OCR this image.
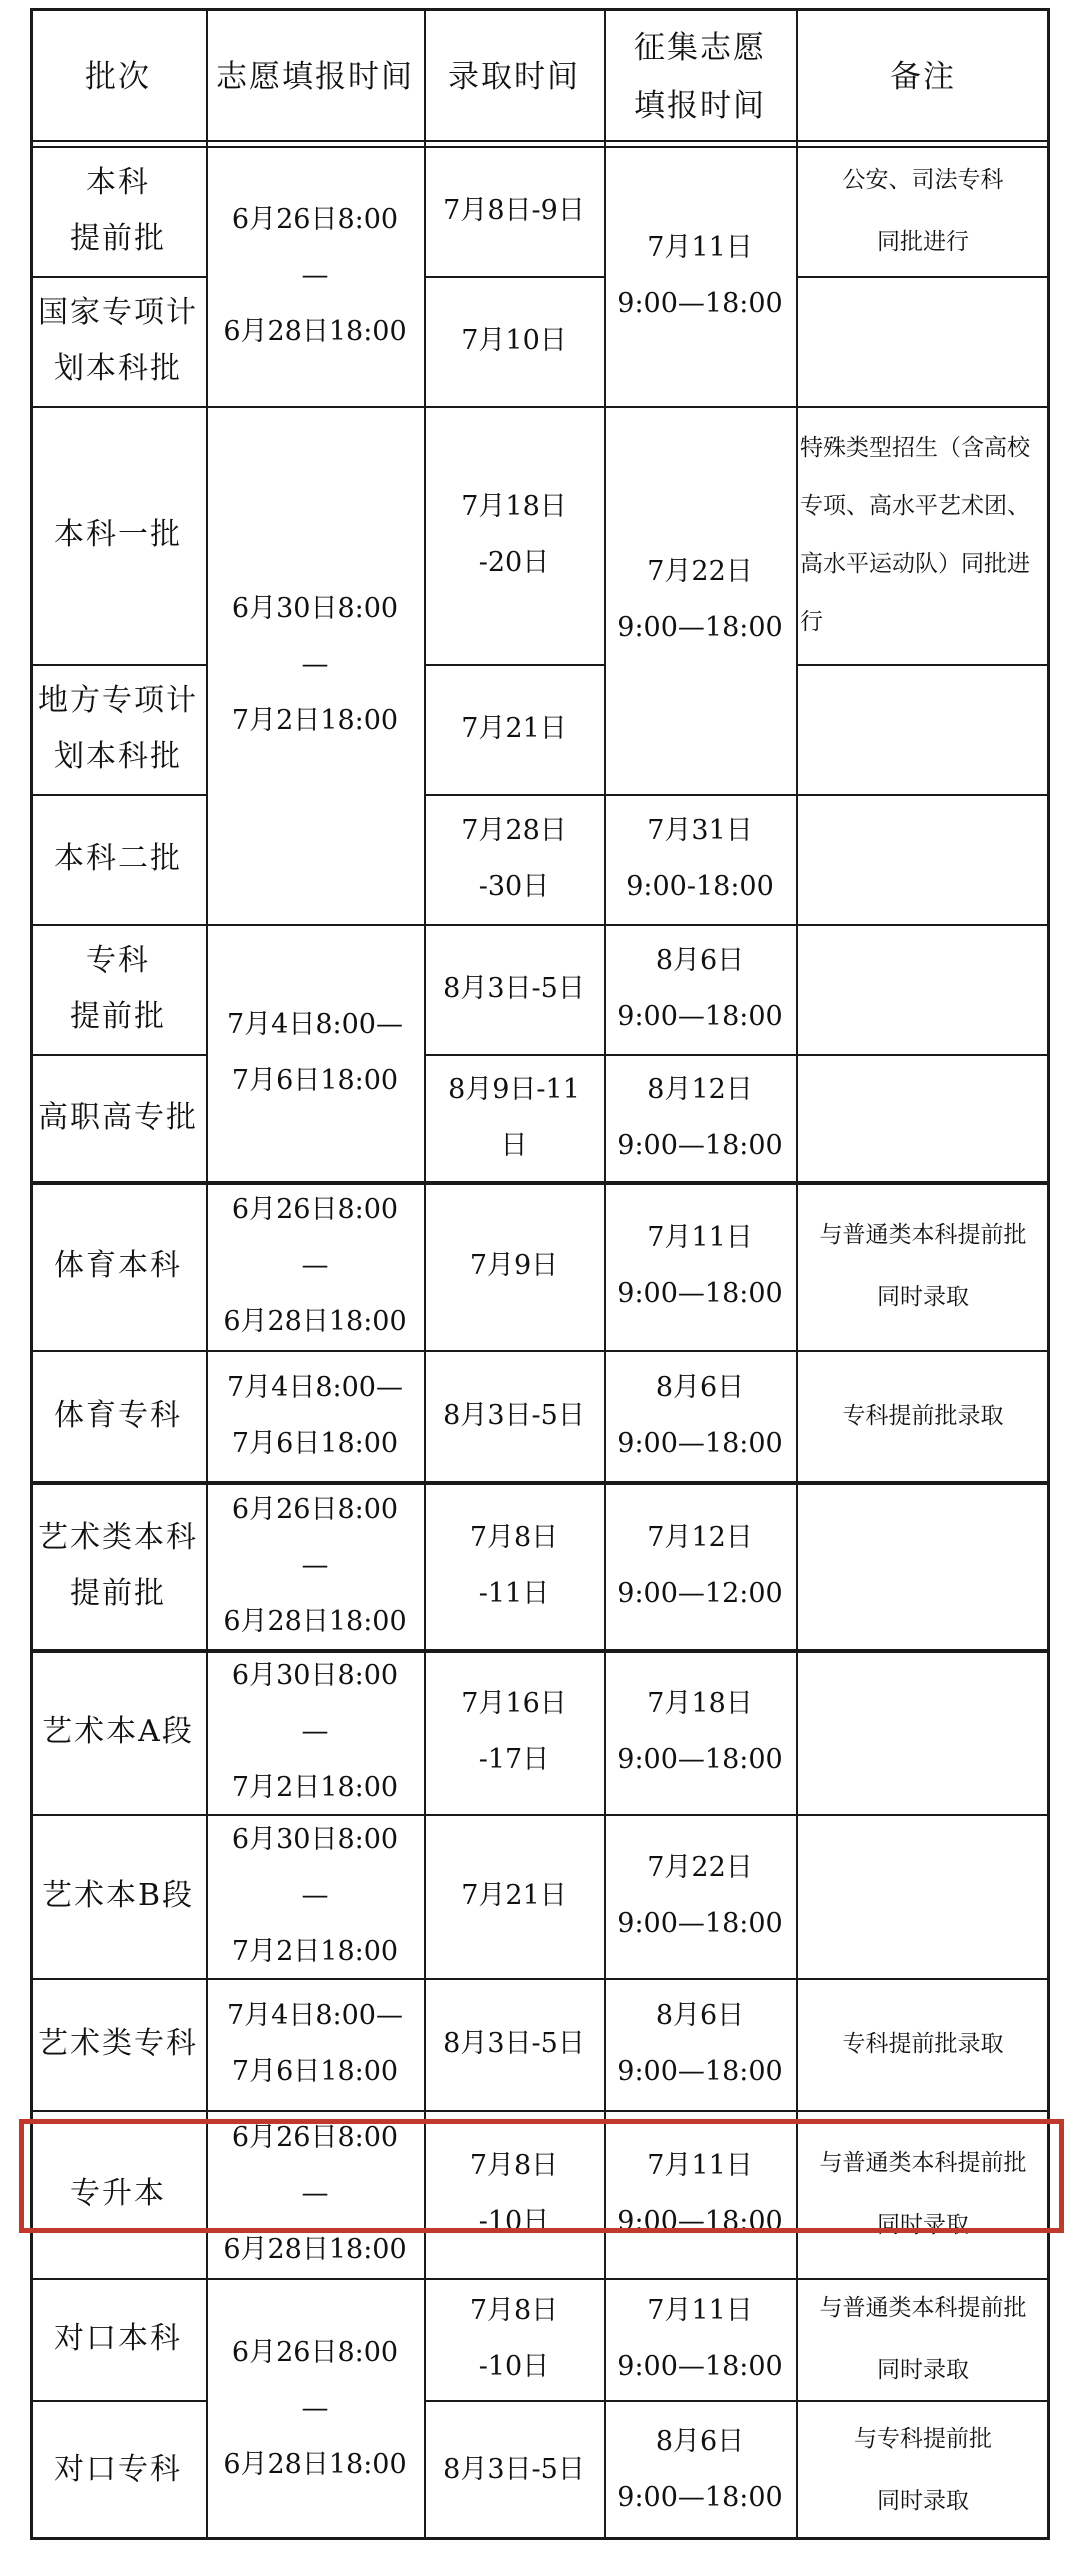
批次	志愿填报时间	录取时间
征集志愿
填报时间
备注
本科
提前批
国家专项计
划本科批
本科一批
地方专项计
划本科批
本科二批
专科
提前批
高职高专批
体育本科
体育专科
艺术类本科
提前批
艺术本A段
艺术本B段
艺术类专科
专升本
对口本科
对口专科
6月26日8:00
—
6月28日18:00
6月30日8:00
—
7月2日18:00
7月4日8:00—
7月6日18:00
6月26日8:00
—
6月28日18:00
7月4日8:00—
7月6日18:00
6月26日8:00
—
6月28日18:00
6月30日8:00
—
7月2日18:00
6月30日8:00
—
7月2日18:00
7月4日8:00—
7月6日18:00
6月26日8:00
—
6月28日18:00
6月26日8:00
—
6月28日18:00
7月8日-9日
7月10日
7月18日
-20日
7月21日
7月28日
-30日
8月3日-5日
8月9日-11
日
7月9日
8月3日-5日
7月8日
-11日
7月16日
-17日
7月21日
8月3日-5日
7月8日
-10日
7月8日
-10日
8月3日-5日
7月11日
9:00—18:00
7月22日
9:00—18:00
7月31日
9:00-18:00
8月6日
9:00—18:00
8月12日
9:00—18:00
7月11日
9:00—18:00
8月6日
9:00—18:00
7月12日
9:00—12:00
7月18日
9:00—18:00
7月22日
9:00—18:00
8月6日
9:00—18:00
7月11日
9:00—18:00
7月11日
9:00—18:00
8月6日
9:00—18:00
公安、司法专科
同批进行
特殊类型招生（含高校专项、高水平艺术团、高水平运动队）同批进行
与普通类本科提前批
同时录取
专科提前批录取
专科提前批录取
与普通类本科提前批
同时录取
与普通类本科提前批
同时录取
与专科提前批
同时录取
